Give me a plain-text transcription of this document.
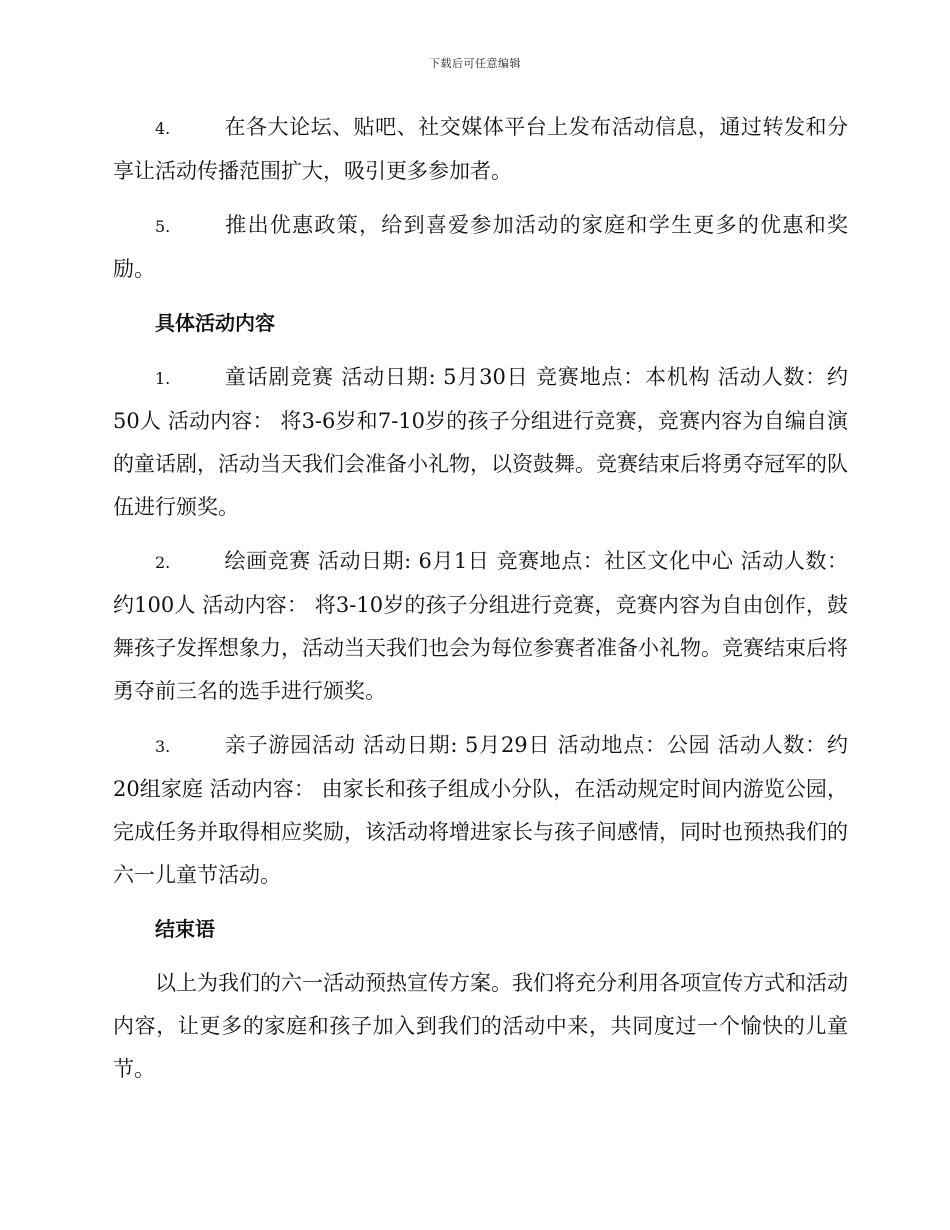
下载后可任意编辑

4.	在各大论坛、贴吧、社交媒体平台上发布活动信息，通过转发和分享让活动传播范围扩大，吸引更多参加者。

5.	推出优惠政策，给到喜爱参加活动的家庭和学生更多的优惠和奖励。

具体活动内容

1.	童话剧竞赛 活动日期: 5月30日 竞赛地点：本机构 活动人数：约50人 活动内容： 将3-6岁和7-10岁的孩子分组进行竞赛，竞赛内容为自编自演的童话剧，活动当天我们会准备小礼物，以资鼓舞。竞赛结束后将勇夺冠军的队伍进行颁奖。

2.	绘画竞赛 活动日期: 6月1日 竞赛地点：社区文化中心 活动人数：约100人 活动内容： 将3-10岁的孩子分组进行竞赛，竞赛内容为自由创作，鼓舞孩子发挥想象力，活动当天我们也会为每位参赛者准备小礼物。竞赛结束后将勇夺前三名的选手进行颁奖。

3.	亲子游园活动 活动日期: 5月29日 活动地点：公园 活动人数：约20组家庭 活动内容： 由家长和孩子组成小分队，在活动规定时间内游览公园，完成任务并取得相应奖励，该活动将增进家长与孩子间感情，同时也预热我们的六一儿童节活动。

结束语

以上为我们的六一活动预热宣传方案。我们将充分利用各项宣传方式和活动内容，让更多的家庭和孩子加入到我们的活动中来，共同度过一个愉快的儿童节。
